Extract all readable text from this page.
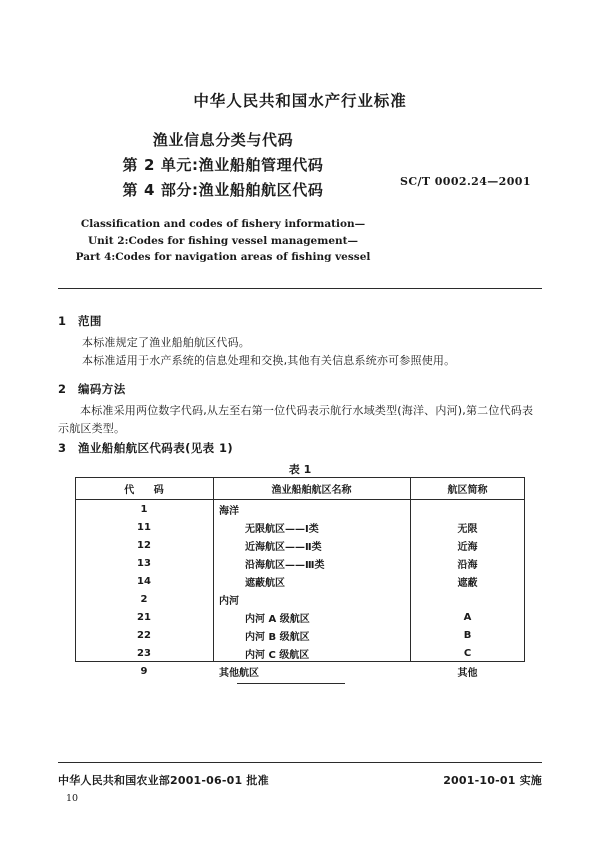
中华人民共和国水产行业标准
渔业信息分类与代码
第 2 单元:渔业船舶管理代码
第 4 部分:渔业船舶航区代码	SC/T 0002.24—2001
Classification and codes of fishery information—
Unit 2:Codes for fishing vessel management—
Part 4:Codes for navigation areas of fishing vessel
1 范围
本标准规定了渔业船舶航区代码。
本标准适用于水产系统的信息处理和交换,其他有关信息系统亦可参照使用。
2 编码方法
本标准采用两位数字代码,从左至右第一位代码表示航行水域类型(海洋、内河),第二位代码表示航区类型。
3 渔业船舶航区代码表(见表 1)
表 1
代 码	渔业船舶航区名称	航区简称
1	海洋	
11	无限航区——Ⅰ类	无限
12	近海航区——Ⅱ类	近海
13	沿海航区——Ⅲ类	沿海
14	遮蔽航区	遮蔽
2	内河	
21	内河 A 级航区	A
22	内河 B 级航区	B
23	内河 C 级航区	C
9	其他航区	其他
中华人民共和国农业部2001-06-01 批准	2001-10-01 实施
10
